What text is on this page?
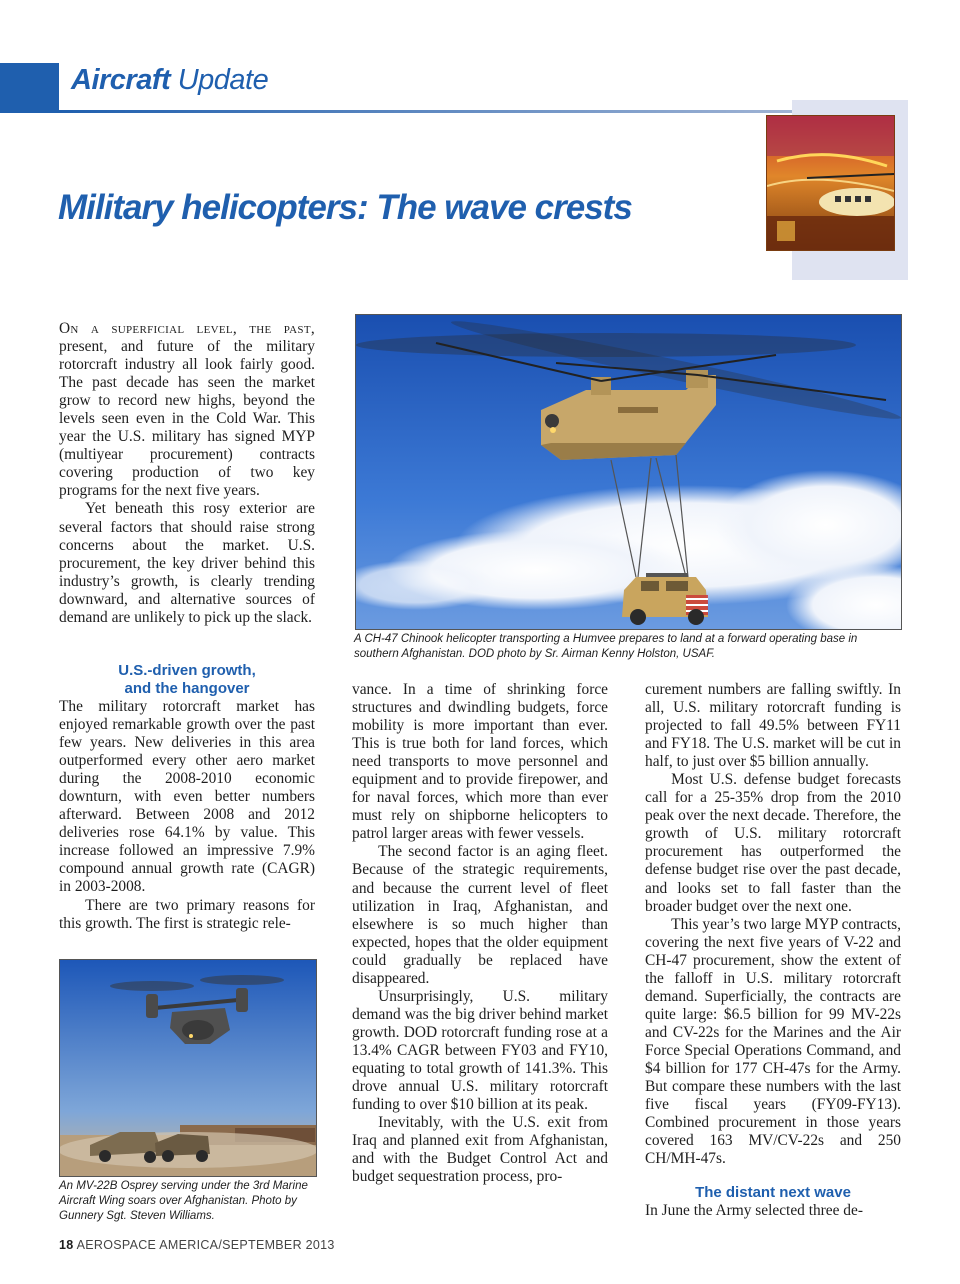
Aircraft Update
Military helicopters: The wave crests

On a superficial level, the past, present, and future of the military rotorcraft industry all look fairly good. The past decade has seen the market grow to record new highs, beyond the levels seen even in the Cold War. This year the U.S. military has signed MYP (multiyear procurement) contracts covering production of two key programs for the next five years.

Yet beneath this rosy exterior are several factors that should raise strong concerns about the market. U.S. procurement, the key driver behind this industry’s growth, is clearly trending downward, and alternative sources of demand are unlikely to pick up the slack.

U.S.-driven growth,
and the hangover

The military rotorcraft market has enjoyed remarkable growth over the past few years. New deliveries in this area outperformed every other aero market during the 2008-2010 economic downturn, with even better numbers afterward. Between 2008 and 2012 deliveries rose 64.1% by value. This increase followed an impressive 7.9% compound annual growth rate (CAGR) in 2003-2008.

There are two primary reasons for this growth. The first is strategic rele-

A CH-47 Chinook helicopter transporting a Humvee prepares to land at a forward operating base in southern Afghanistan. DOD photo by Sr. Airman Kenny Holston, USAF.

vance. In a time of shrinking force structures and dwindling budgets, force mobility is more important than ever. This is true both for land forces, which need transports to move personnel and equipment and to provide firepower, and for naval forces, which more than ever must rely on shipborne helicopters to patrol larger areas with fewer vessels.

The second factor is an aging fleet. Because of the strategic requirements, and because the current level of fleet utilization in Iraq, Afghanistan, and elsewhere is so much higher than expected, hopes that the older equipment could gradually be replaced have disappeared.

Unsurprisingly, U.S. military demand was the big driver behind market growth. DOD rotorcraft funding rose at a 13.4% CAGR between FY03 and FY10, equating to total growth of 141.3%. This drove annual U.S. military rotorcraft funding to over $10 billion at its peak.

Inevitably, with the U.S. exit from Iraq and planned exit from Afghanistan, and with the Budget Control Act and budget sequestration process, pro-

curement numbers are falling swiftly. In all, U.S. military rotorcraft funding is projected to fall 49.5% between FY11 and FY18. The U.S. market will be cut in half, to just over $5 billion annually.

Most U.S. defense budget forecasts call for a 25-35% drop from the 2010 peak over the next decade. Therefore, the growth of U.S. military rotorcraft procurement has outperformed the defense budget rise over the past decade, and looks set to fall faster than the broader budget over the next one.

This year’s two large MYP contracts, covering the next five years of V-22 and CH-47 procurement, show the extent of the falloff in U.S. military rotorcraft demand. Superficially, the contracts are quite large: $6.5 billion for 99 MV-22s and CV-22s for the Marines and the Air Force Special Operations Command, and $4 billion for 177 CH-47s for the Army. But compare these numbers with the last five fiscal years (FY09-FY13). Combined procurement in those years covered 163 MV/CV-22s and 250 CH/MH-47s.

The distant next wave

In June the Army selected three de-

An MV-22B Osprey serving under the 3rd Marine Aircraft Wing soars over Afghanistan. Photo by Gunnery Sgt. Steven Williams.
18 AEROSPACE AMERICA/SEPTEMBER 2013
